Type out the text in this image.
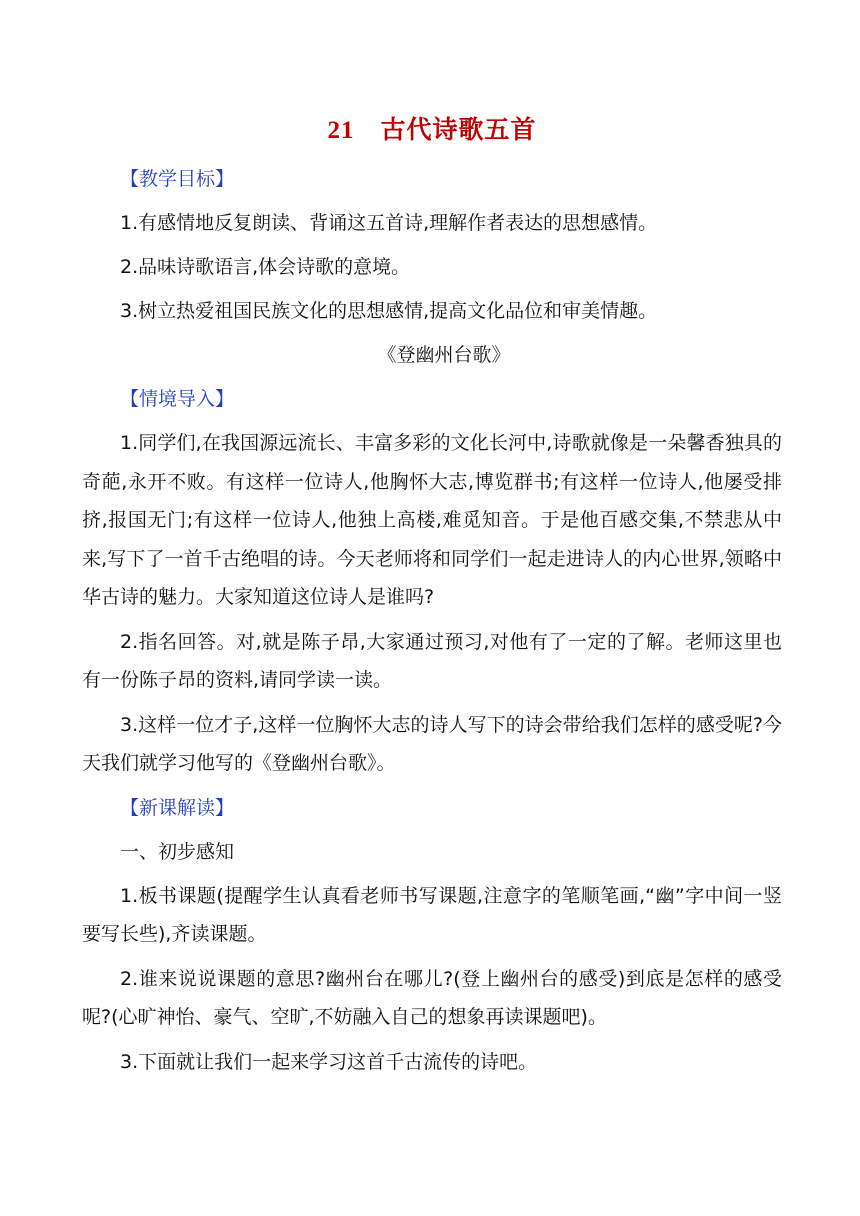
21 古代诗歌五首
【教学目标】
1.有感情地反复朗读、背诵这五首诗,理解作者表达的思想感情。
2.品味诗歌语言,体会诗歌的意境。
3.树立热爱祖国民族文化的思想感情,提高文化品位和审美情趣。
《登幽州台歌》
【情境导入】
1.同学们,在我国源远流长、丰富多彩的文化长河中,诗歌就像是一朵馨香独具的奇葩,永开不败。有这样一位诗人,他胸怀大志,博览群书;有这样一位诗人,他屡受排挤,报国无门;有这样一位诗人,他独上高楼,难觅知音。于是他百感交集,不禁悲从中来,写下了一首千古绝唱的诗。今天老师将和同学们一起走进诗人的内心世界,领略中华古诗的魅力。大家知道这位诗人是谁吗?
2.指名回答。对,就是陈子昂,大家通过预习,对他有了一定的了解。老师这里也有一份陈子昂的资料,请同学读一读。
3.这样一位才子,这样一位胸怀大志的诗人写下的诗会带给我们怎样的感受呢?今天我们就学习他写的《登幽州台歌》。
【新课解读】
一、初步感知
1.板书课题(提醒学生认真看老师书写课题,注意字的笔顺笔画,“幽”字中间一竖要写长些),齐读课题。
2.谁来说说课题的意思?幽州台在哪儿?(登上幽州台的感受)到底是怎样的感受呢?(心旷神怡、豪气、空旷,不妨融入自己的想象再读课题吧)。
3.下面就让我们一起来学习这首千古流传的诗吧。
